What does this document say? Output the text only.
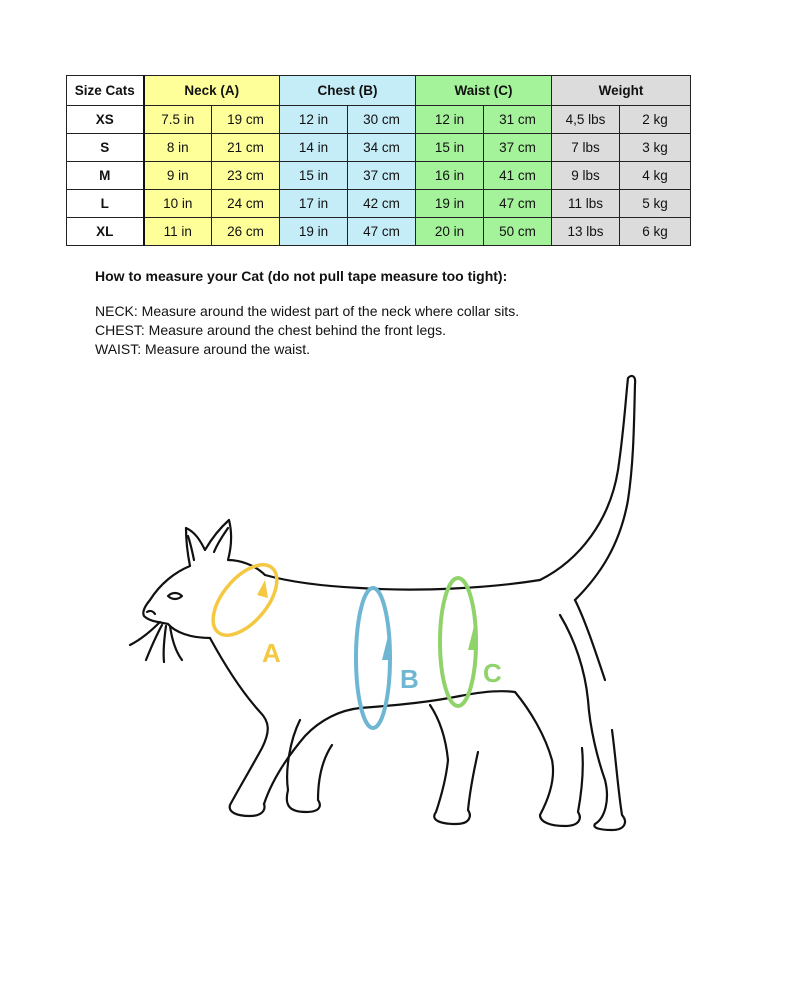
Size Cats	Neck (A)		Chest (B)		Waist (C)		Weight	
XS	7.5 in	19 cm	12 in	30 cm	12 in	31 cm	4,5 lbs	2 kg
S	8 in	21 cm	14 in	34 cm	15 in	37 cm	7 lbs	3 kg
M	9 in	23 cm	15 in	37 cm	16 in	41 cm	9 lbs	4 kg
L	10 in	24 cm	17 in	42 cm	19 in	47 cm	11 lbs	5 kg
XL	11 in	26 cm	19 in	47 cm	20 in	50 cm	13 lbs	6 kg
How to measure your Cat (do not pull tape measure too tight):

NECK: Measure around the widest part of the neck where collar sits.

CHEST: Measure around the chest behind the front legs.

WAIST: Measure around the waist.

A
B C
